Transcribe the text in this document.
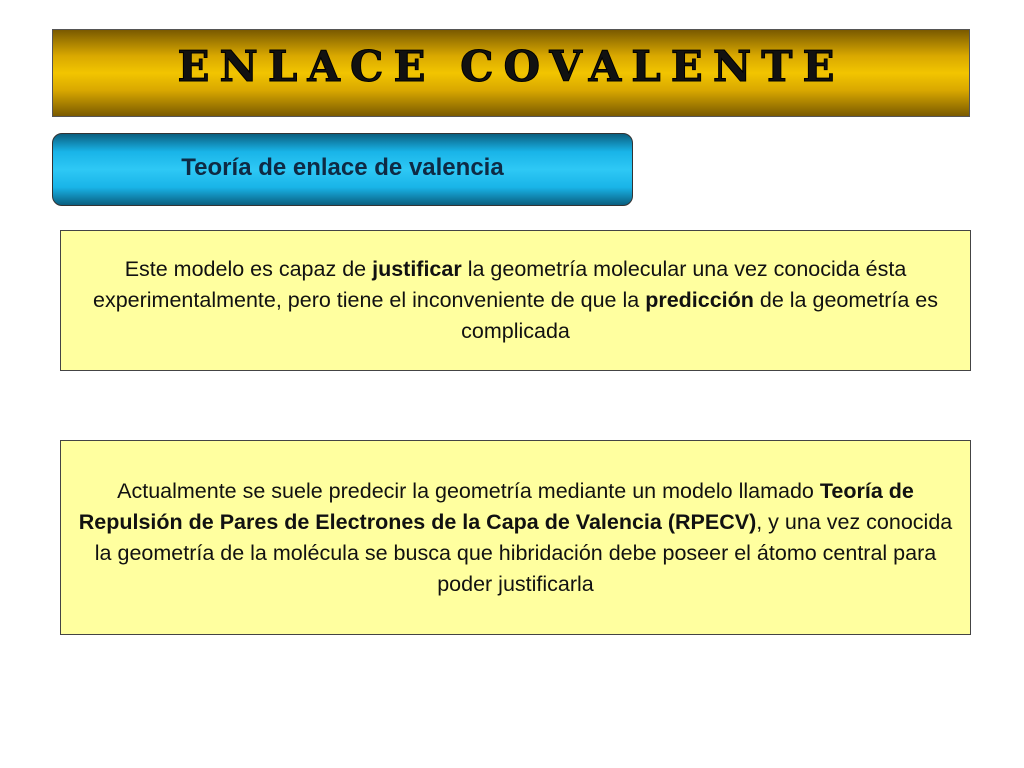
ENLACE COVALENTE
Teoría de enlace de valencia
Este modelo es capaz de justificar la geometría molecular una vez conocida ésta experimentalmente, pero tiene el inconveniente de que la predicción de la geometría es complicada
Actualmente se suele predecir la geometría mediante un modelo llamado Teoría de Repulsión de Pares de Electrones de la Capa de Valencia (RPECV), y una vez conocida la geometría de la molécula se busca que hibridación debe poseer el átomo central para poder justificarla
